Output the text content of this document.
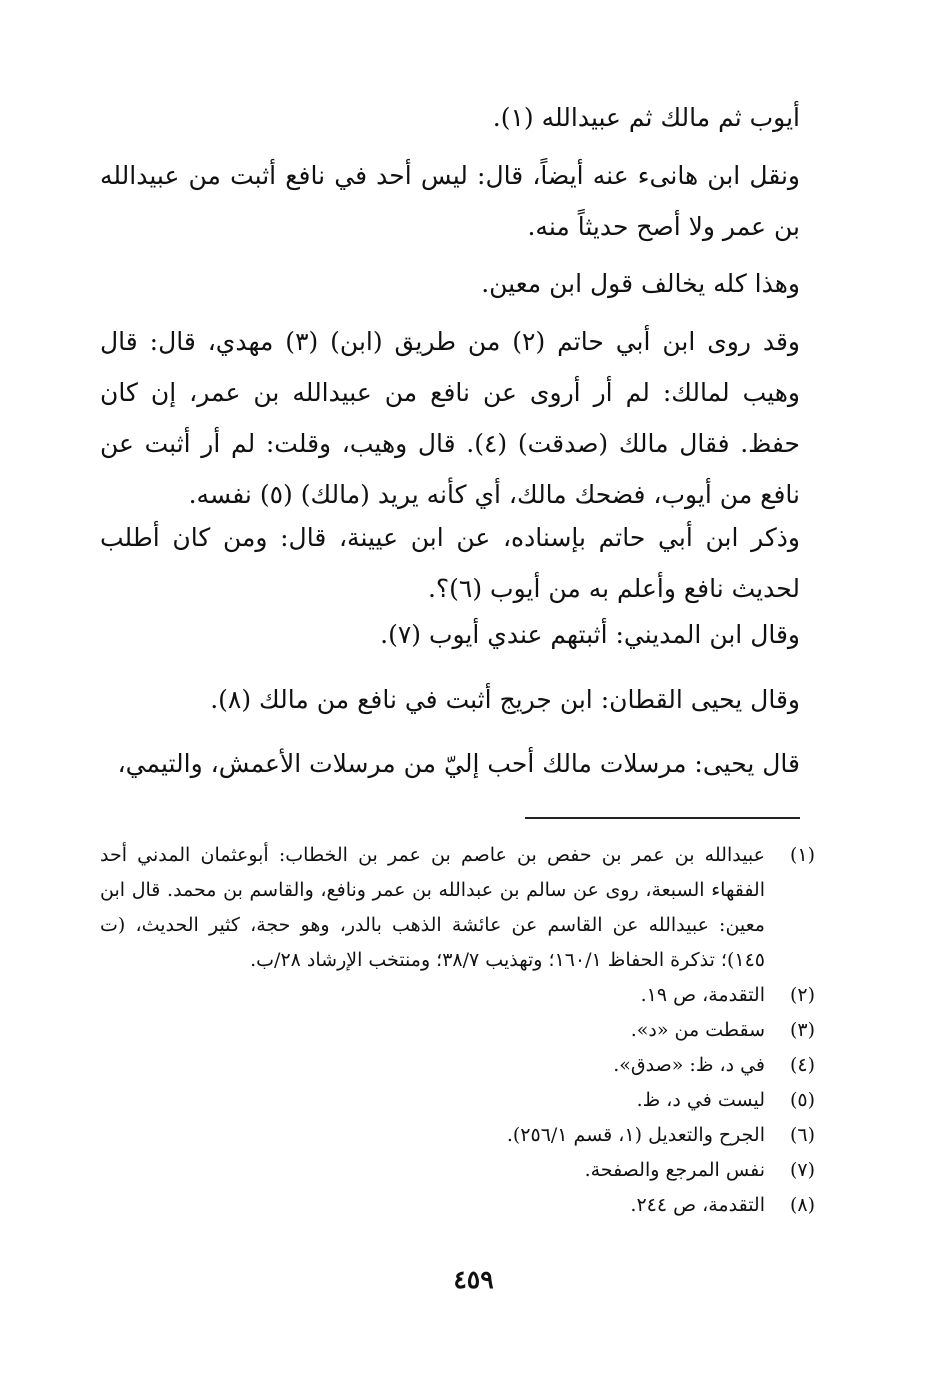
أيوب ثم مالك ثم عبيدالله (١).

ونقل ابن هانىء عنه أيضاً، قال: ليس أحد في نافع أثبت من عبيدالله بن عمر ولا أصح حديثاً منه.

وهذا كله يخالف قول ابن معين.

وقد روى ابن أبي حاتم (٢) من طريق (ابن) (٣) مهدي، قال: قال وهيب لمالك: لم أر أروى عن نافع من عبيدالله بن عمر، إن كان حفظ. فقال مالك (صدقت) (٤). قال وهيب، وقلت: لم أر أثبت عن نافع من أيوب، فضحك مالك، أي كأنه يريد (مالك) (٥) نفسه.

وذكر ابن أبي حاتم بإسناده، عن ابن عيينة، قال: ومن كان أطلب لحديث نافع وأعلم به من أيوب (٦)؟.

وقال ابن المديني: أثبتهم عندي أيوب (٧).

وقال يحيى القطان: ابن جريج أثبت في نافع من مالك (٨).

قال يحيى: مرسلات مالك أحب إليّ من مرسلات الأعمش، والتيمي،

(١)
عبيدالله بن عمر بن حفص بن عاصم بن عمر بن الخطاب: أبوعثمان المدني أحد الفقهاء السبعة، روى عن سالم بن عبدالله بن عمر ونافع، والقاسم بن محمد. قال ابن معين: عبيدالله عن القاسم عن عائشة الذهب بالدر، وهو حجة، كثير الحديث، (ت ١٤٥)؛ تذكرة الحفاظ ١٦٠/١؛ وتهذيب ٣٨/٧؛ ومنتخب الإرشاد ٢٨/ب.
(٢)
التقدمة، ص ١٩.
(٣)
سقطت من «د».
(٤)
في د، ظ: «صدق».
(٥)
ليست في د، ظ.
(٦)
الجرح والتعديل (١، قسم ٢٥٦/١).
(٧)
نفس المرجع والصفحة.
(٨)
التقدمة، ص ٢٤٤.
٤٥٩
